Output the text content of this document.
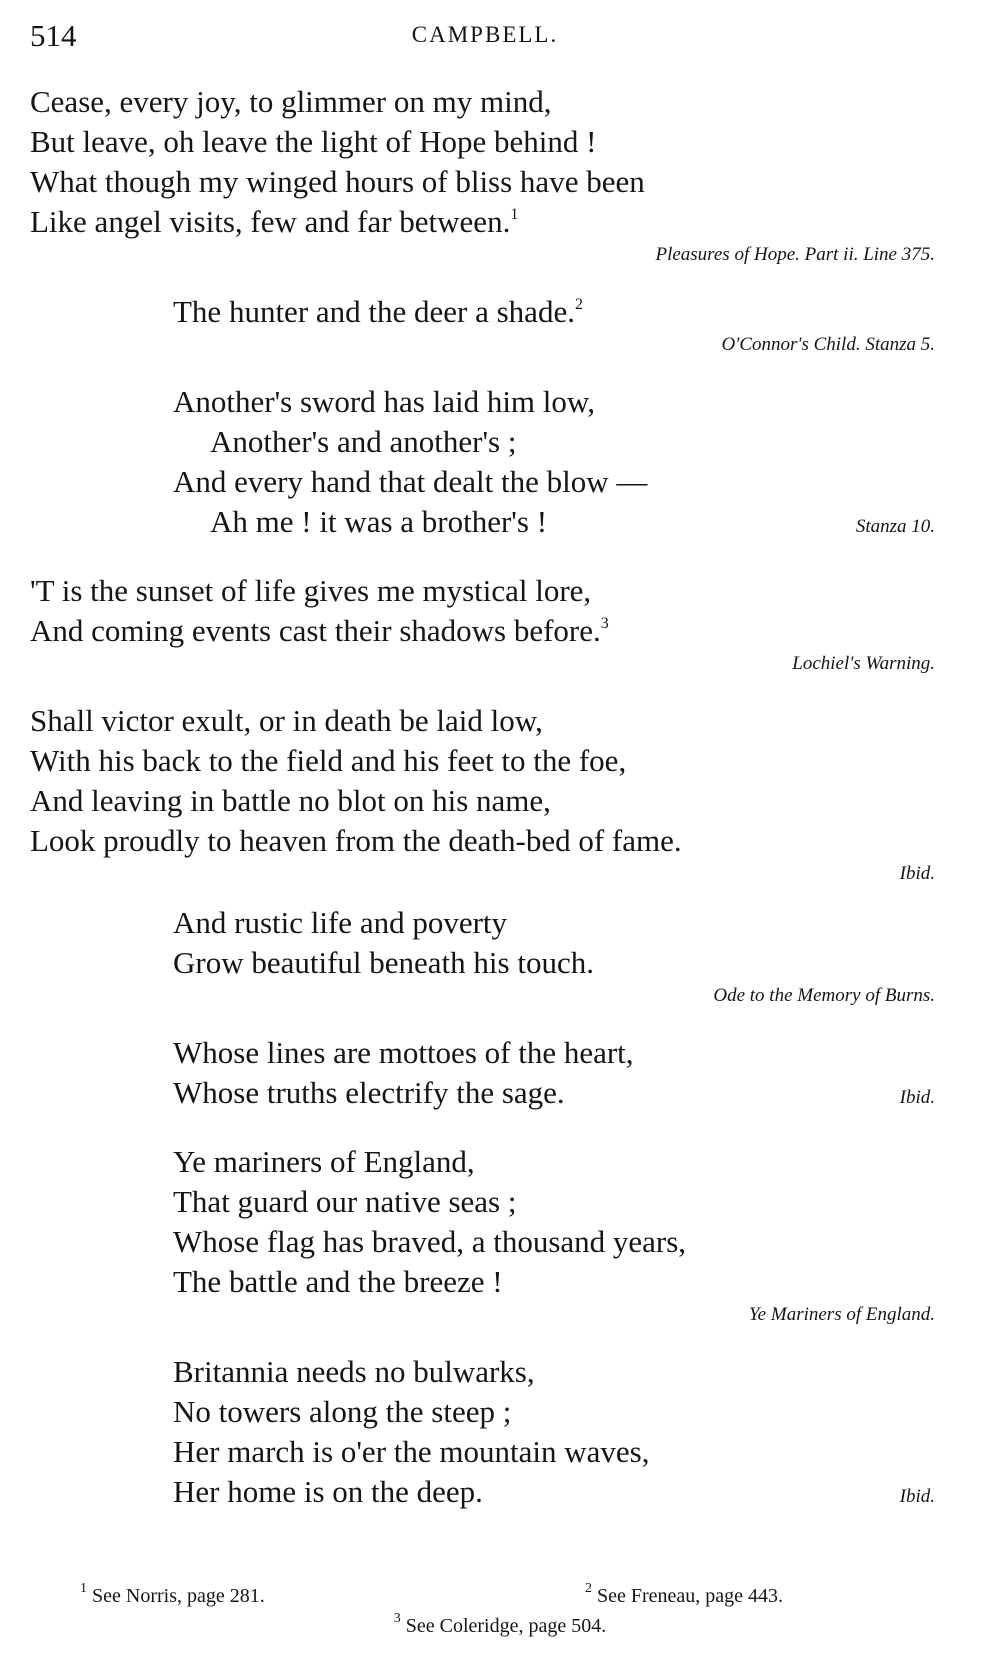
514	CAMPBELL.
Cease, every joy, to glimmer on my mind,
But leave, oh leave the light of Hope behind !
What though my winged hours of bliss have been
Like angel visits, few and far between.$^1$
Pleasures of Hope. Part ii. Line 375.
The hunter and the deer a shade.$^2$
O'Connor's Child. Stanza 5.
Another's sword has laid him low,
Another's and another's ;
And every hand that dealt the blow —
Ah me ! it was a brother's !	Stanza 10.
'T is the sunset of life gives me mystical lore,
And coming events cast their shadows before.$^3$
Lochiel's Warning.
Shall victor exult, or in death be laid low,
With his back to the field and his feet to the foe,
And leaving in battle no blot on his name,
Look proudly to heaven from the death-bed of fame.
Ibid.
And rustic life and poverty
Grow beautiful beneath his touch.
Ode to the Memory of Burns.
Whose lines are mottoes of the heart,
Whose truths electrify the sage.	Ibid.
Ye mariners of England,
That guard our native seas ;
Whose flag has braved, a thousand years,
The battle and the breeze !
Ye Mariners of England.
Britannia needs no bulwarks,
No towers along the steep ;
Her march is o'er the mountain waves,
Her home is on the deep.	Ibid.
$^1$ See Norris, page 281.	$^2$ See Freneau, page 443.
$^3$ See Coleridge, page 504.
